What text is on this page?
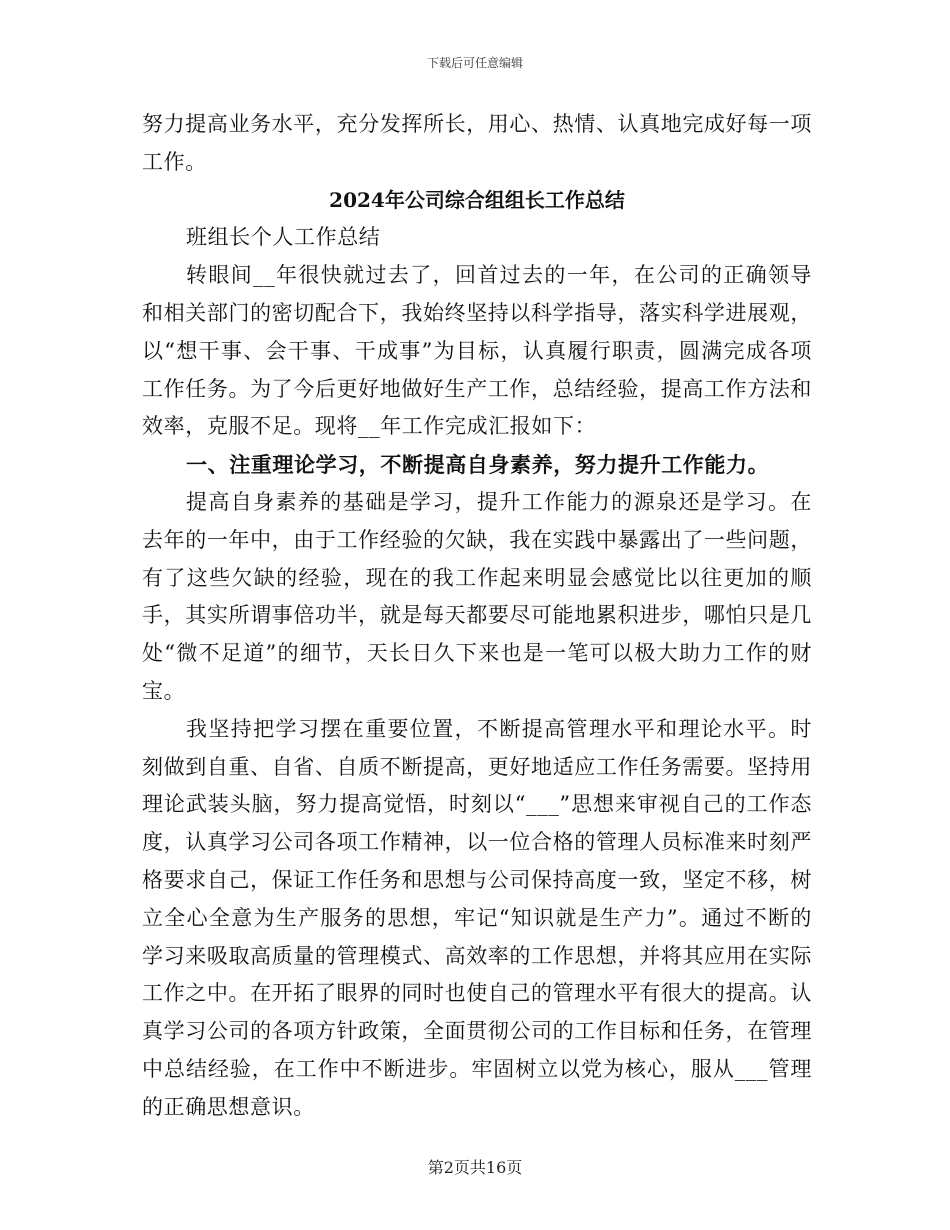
下载后可任意编辑

努力提高业务水平，充分发挥所长，用心、热情、认真地完成好每一项工作。

2024年公司综合组组长工作总结

班组长个人工作总结

转眼间__年很快就过去了，回首过去的一年，在公司的正确领导和相关部门的密切配合下，我始终坚持以科学指导，落实科学进展观，以“想干事、会干事、干成事”为目标，认真履行职责，圆满完成各项工作任务。为了今后更好地做好生产工作，总结经验，提高工作方法和效率，克服不足。现将__年工作完成汇报如下：

一、注重理论学习，不断提高自身素养，努力提升工作能力。

提高自身素养的基础是学习，提升工作能力的源泉还是学习。在去年的一年中，由于工作经验的欠缺，我在实践中暴露出了一些问题，有了这些欠缺的经验，现在的我工作起来明显会感觉比以往更加的顺手，其实所谓事倍功半，就是每天都要尽可能地累积进步，哪怕只是几处“微不足道”的细节，天长日久下来也是一笔可以极大助力工作的财宝。

我坚持把学习摆在重要位置，不断提高管理水平和理论水平。时刻做到自重、自省、自质不断提高，更好地适应工作任务需要。坚持用理论武装头脑，努力提高觉悟，时刻以“___”思想来审视自己的工作态度，认真学习公司各项工作精神，以一位合格的管理人员标准来时刻严格要求自己，保证工作任务和思想与公司保持高度一致，坚定不移，树立全心全意为生产服务的思想，牢记“知识就是生产力”。通过不断的学习来吸取高质量的管理模式、高效率的工作思想，并将其应用在实际工作之中。在开拓了眼界的同时也使自己的管理水平有很大的提高。认真学习公司的各项方针政策，全面贯彻公司的工作目标和任务，在管理中总结经验，在工作中不断进步。牢固树立以党为核心，服从___管理的正确思想意识。

第2页共16页
